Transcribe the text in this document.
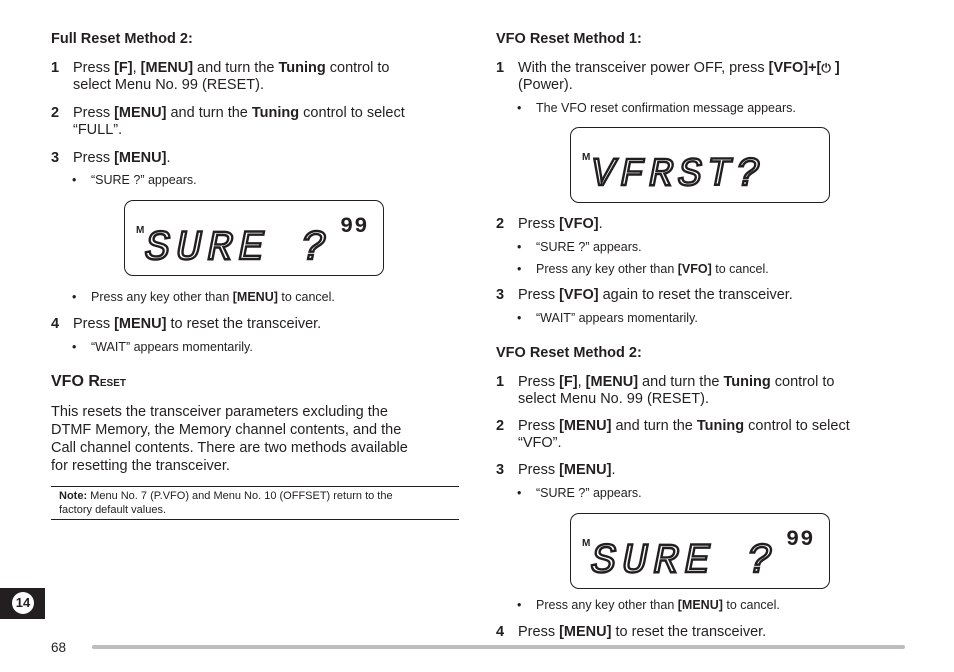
Full Reset Method 2:
1 Press [F], [MENU] and turn the Tuning control to
select Menu No. 99 (RESET).
2 Press [MENU] and turn the Tuning control to select
“FULL”.
3 Press [MENU].
• “SURE ?” appears.
M SURE ? 99
• Press any key other than [MENU] to cancel.
4 Press [MENU] to reset the transceiver.
• “WAIT” appears momentarily.
VFO Reset
This resets the transceiver parameters excluding the
DTMF Memory, the Memory channel contents, and the
Call channel contents. There are two methods available
for resetting the transceiver.
Note: Menu No. 7 (P.VFO) and Menu No. 10 (OFFSET) return to the
factory default values.
VFO Reset Method 1:
1 With the transceiver power OFF, press [VFO]+[⏻ ]
(Power).
• The VFO reset confirmation message appears.
M VFRST?
2 Press [VFO].
• “SURE ?” appears.
• Press any key other than [VFO] to cancel.
3 Press [VFO] again to reset the transceiver.
• “WAIT” appears momentarily.
VFO Reset Method 2:
1 Press [F], [MENU] and turn the Tuning control to
select Menu No. 99 (RESET).
2 Press [MENU] and turn the Tuning control to select
“VFO”.
3 Press [MENU].
• “SURE ?” appears.
M SURE ? 99
• Press any key other than [MENU] to cancel.
4 Press [MENU] to reset the transceiver.
14
68
